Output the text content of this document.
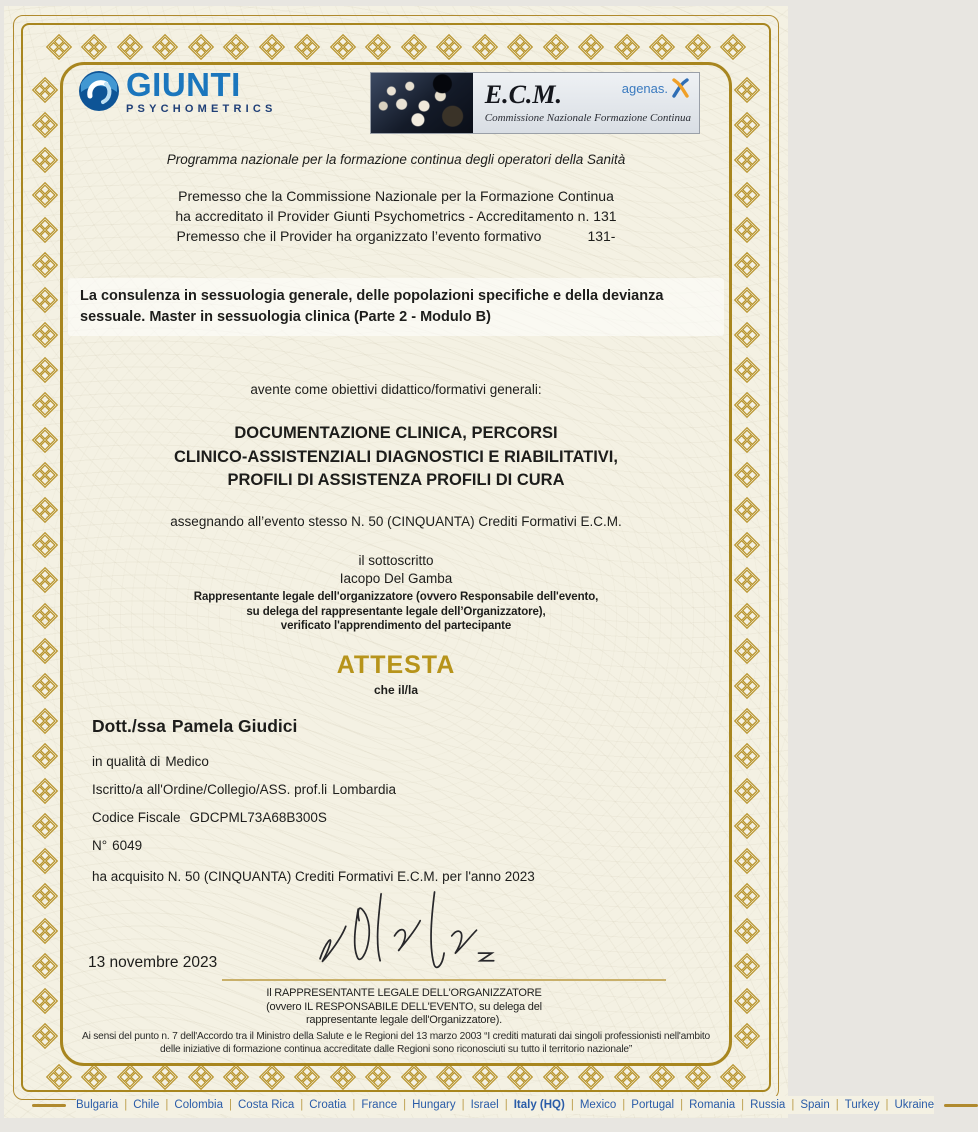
GIUNTI
PSYCHOMETRICS	E.C.M.
Commissione Nazionale Formazione Continua
agenas.
Programma nazionale per la formazione continua degli operatori della Sanità
Premesso che la Commissione Nazionale per la Formazione Continua
ha accreditato il Provider Giunti Psychometrics - Accreditamento n. 131
Premesso che il Provider ha organizzato l’evento formativo	131-
La consulenza in sessuologia generale, delle popolazioni specifiche e della devianza sessuale. Master in sessuologia clinica (Parte 2 - Modulo B)
avente come obiettivi didattico/formativi generali:
DOCUMENTAZIONE CLINICA, PERCORSI
CLINICO-ASSISTENZIALI DIAGNOSTICI E RIABILITATIVI,
PROFILI DI ASSISTENZA PROFILI DI CURA
assegnando all’evento stesso N. 50 (CINQUANTA) Crediti Formativi E.C.M.
il sottoscritto
Iacopo Del Gamba
Rappresentante legale dell'organizzatore (ovvero Responsabile dell'evento,
su delega del rappresentante legale dell’Organizzatore),
verificato l'apprendimento del partecipante
ATTESTA
che il/la
Dott./ssa Pamela Giudici
in qualità di Medico
Iscritto/a all'Ordine/Collegio/ASS. prof.li Lombardia
Codice Fiscale GDCPML73A68B300S
N° 6049
ha acquisito N. 50 (CINQUANTA) Crediti Formativi E.C.M. per l'anno 2023
13 novembre 2023
Il RAPPRESENTANTE LEGALE DELL'ORGANIZZATORE
(ovvero IL RESPONSABILE DELL'EVENTO, su delega del
rappresentante legale dell'Organizzatore).
Ai sensi del punto n. 7 dell'Accordo tra il Ministro della Salute e le Regioni del 13 marzo 2003 “I crediti maturati dai singoli professionisti nell'ambito
delle iniziative di formazione continua accreditate dalle Regioni sono riconosciuti su tutto il territorio nazionale”
Bulgaria | Chile | Colombia | Costa Rica | Croatia | France | Hungary | Israel | Italy (HQ) | Mexico | Portugal | Romania | Russia | Spain | Turkey | Ukraine
